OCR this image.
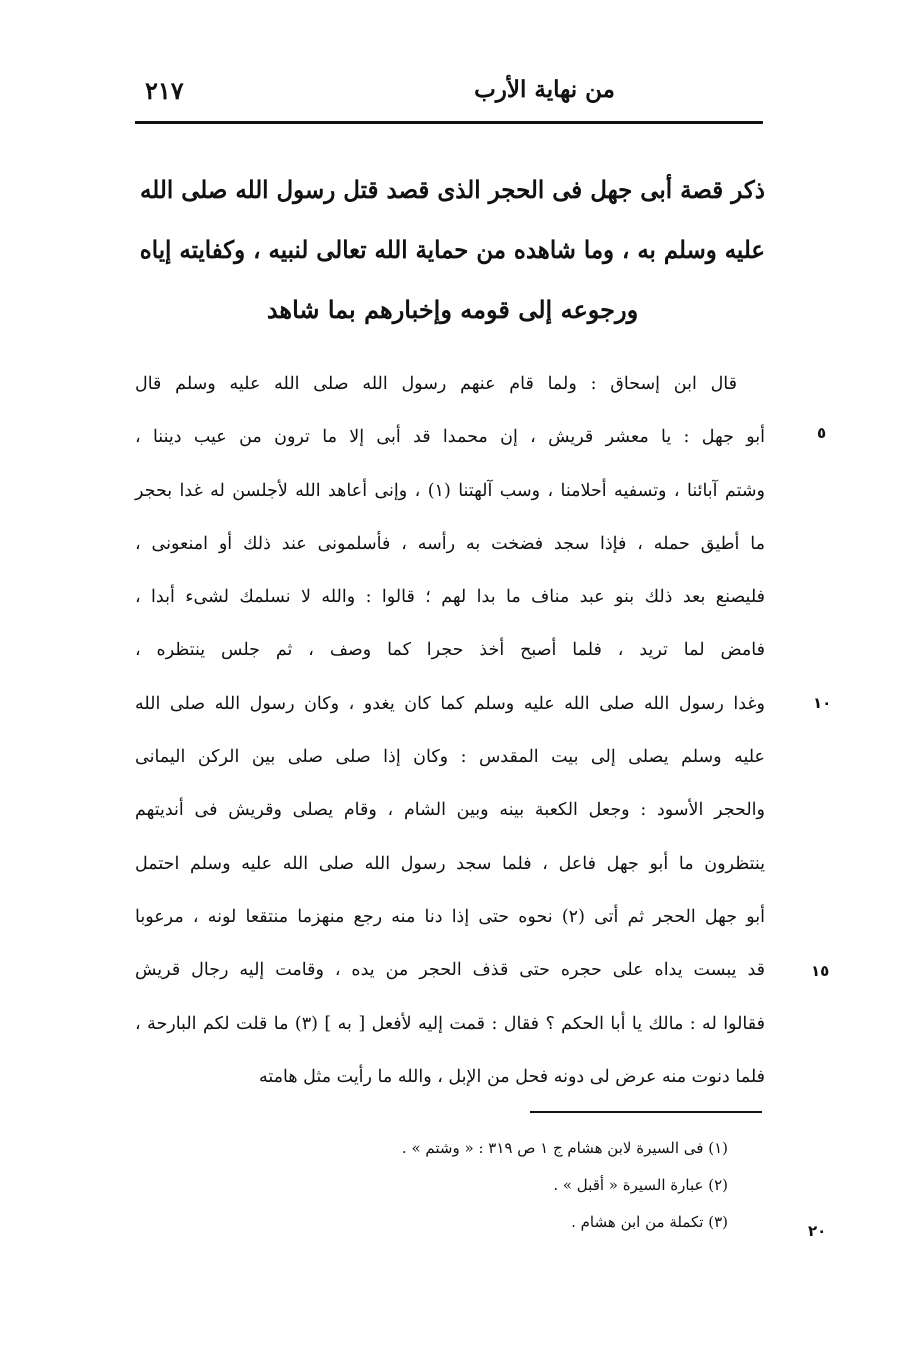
من نهاية الأرب
٢١٧
ذكر قصة أبى جهل فى الحجر الذى قصد قتل رسول الله صلى الله
عليه وسلم به ، وما شاهده من حماية الله تعالى لنبيه ، وكفايته إياه
ورجوعه إلى قومه وإخبارهم بما شاهد
قال ابن إسحاق : ولما قام عنهم رسول الله صلى الله عليه وسلم قال
أبو جهل : يا معشر قريش ، إن محمدا قد أبى إلا ما ترون من عيب ديننا ،
وشتم آبائنا ، وتسفيه أحلامنا ، وسب آلهتنا (١) ، وإنى أعاهد الله لأجلسن له غدا بحجر
ما أطيق حمله ، فإذا سجد فضخت به رأسه ، فأسلمونى عند ذلك أو امنعونى ،
فليصنع بعد ذلك بنو عبد مناف ما بدا لهم ؛ قالوا : والله لا نسلمك لشىء أبدا ،
فامض لما تريد ، فلما أصبح أخذ حجرا كما وصف ، ثم جلس ينتظره ،
وغدا رسول الله صلى الله عليه وسلم كما كان يغدو ، وكان رسول الله صلى الله
عليه وسلم يصلى إلى بيت المقدس : وكان إذا صلى صلى بين الركن اليمانى
والحجر الأسود : وجعل الكعبة بينه وبين الشام ، وقام يصلى وقريش فى أنديتهم
ينتظرون ما أبو جهل فاعل ، فلما سجد رسول الله صلى الله عليه وسلم احتمل
أبو جهل الحجر ثم أتى (٢) نحوه حتى إذا دنا منه رجع منهزما منتقعا لونه ، مرعوبا
قد يبست يداه على حجره حتى قذف الحجر من يده ، وقامت إليه رجال قريش
فقالوا له : مالك يا أبا الحكم ؟ فقال : قمت إليه لأفعل [ به ] (٣) ما قلت لكم البارحة ،
فلما دنوت منه عرض لى دونه فحل من الإبل ، والله ما رأيت مثل هامته
٥
١٠
١٥
٢٠
(١) فى السيرة لابن هشام ج ١ ص ٣١٩ : « وشتم » .
(٢) عبارة السيرة « أقبل » .
(٣) تكملة من ابن هشام .
